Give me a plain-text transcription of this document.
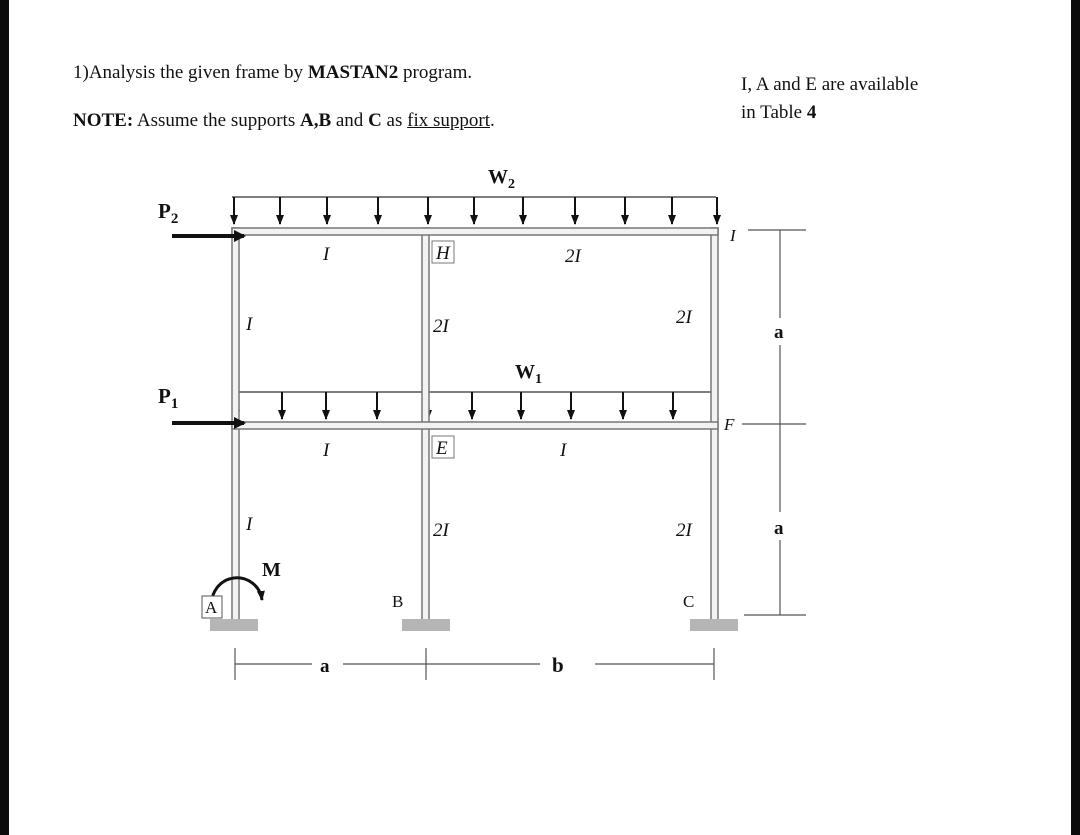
1)Analysis the given frame by MASTAN2 program.
NOTE: Assume the supports A,B and C as fix support.
I, A and E are available
in Table 4
$W_2$
$W_1$
$P_2$
$P_1$
M
I	2I
I	2I	2I
I	I
I	2I	2I
H
E
F
I
A	B	C
a
a
a	b
